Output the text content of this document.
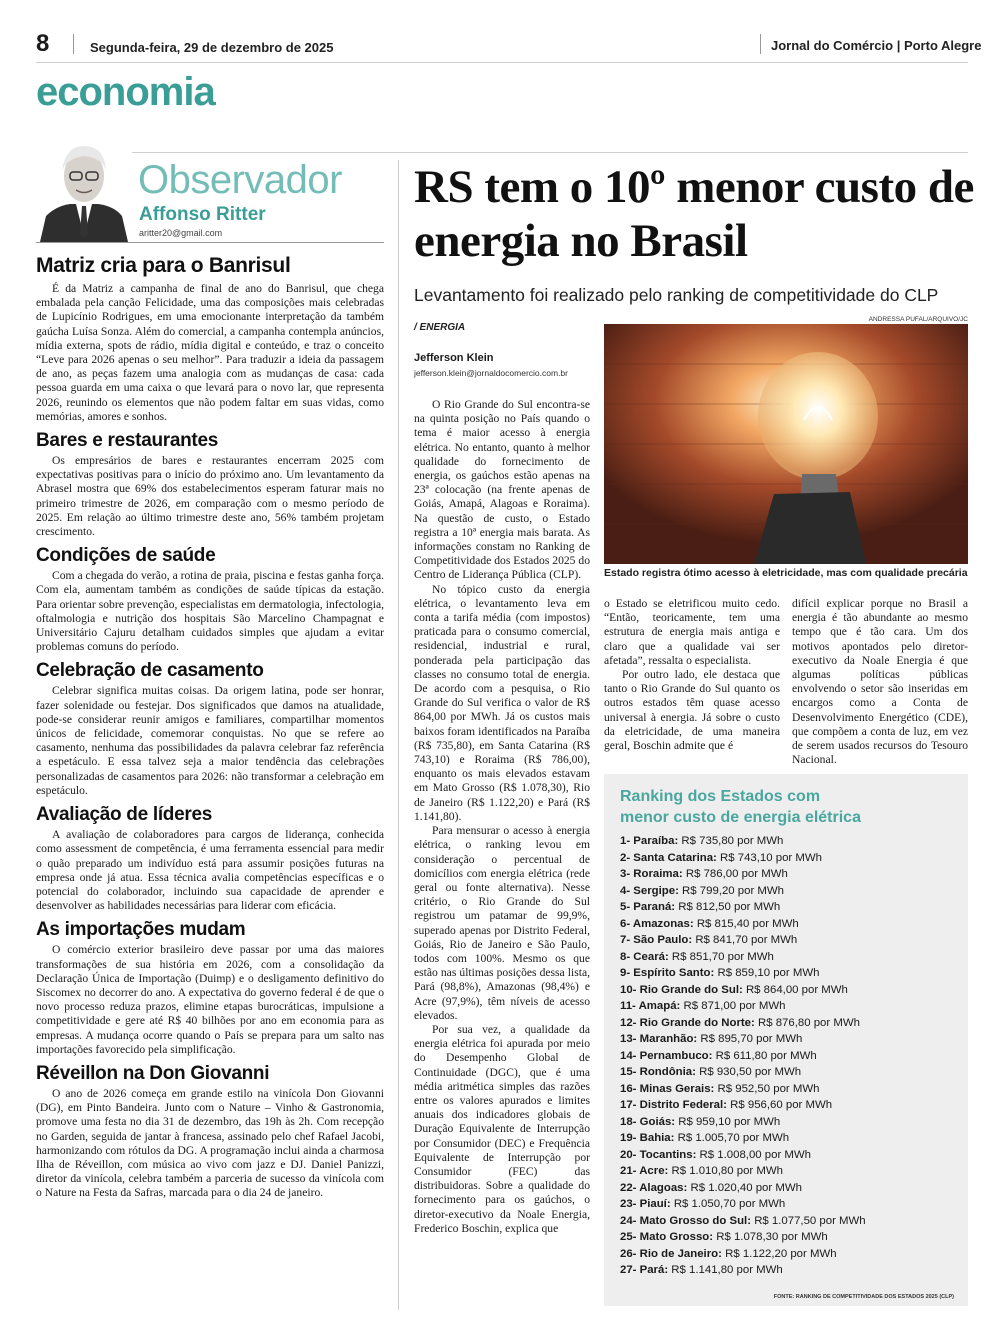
8	Segunda-feira, 29 de dezembro de 2025	Jornal do Comércio | Porto Alegre
economia
Observador
Affonso Ritter
aritter20@gmail.com
Matriz cria para o Banrisul

É da Matriz a campanha de final de ano do Banrisul, que chega embalada pela canção Felicidade, uma das composições mais celebradas de Lupicínio Rodrigues, em uma emocionante interpretação da também gaúcha Luísa Sonza. Além do comercial, a campanha contempla anúncios, mídia externa, spots de rádio, mídia digital e conteúdo, e traz o conceito “Leve para 2026 apenas o seu melhor”. Para traduzir a ideia da passagem de ano, as peças fazem uma analogia com as mudanças de casa: cada pessoa guarda em uma caixa o que levará para o novo lar, que representa 2026, reunindo os elementos que não podem faltar em suas vidas, como memórias, amores e sonhos.

Bares e restaurantes

Os empresários de bares e restaurantes encerram 2025 com expectativas positivas para o início do próximo ano. Um levantamento da Abrasel mostra que 69% dos estabelecimentos esperam faturar mais no primeiro trimestre de 2026, em comparação com o mesmo período de 2025. Em relação ao último trimestre deste ano, 56% também projetam crescimento.

Condições de saúde

Com a chegada do verão, a rotina de praia, piscina e festas ganha força. Com ela, aumentam também as condições de saúde típicas da estação. Para orientar sobre prevenção, especialistas em dermatologia, infectologia, oftalmologia e nutrição dos hospitais São Marcelino Champagnat e Universitário Cajuru detalham cuidados simples que ajudam a evitar problemas comuns do período.

Celebração de casamento

Celebrar significa muitas coisas. Da origem latina, pode ser honrar, fazer solenidade ou festejar. Dos significados que damos na atualidade, pode-se considerar reunir amigos e familiares, compartilhar momentos únicos de felicidade, comemorar conquistas. No que se refere ao casamento, nenhuma das possibilidades da palavra celebrar faz referência a espetáculo. E essa talvez seja a maior tendência das celebrações personalizadas de casamentos para 2026: não transformar a celebração em espetáculo.

Avaliação de líderes

A avaliação de colaboradores para cargos de liderança, conhecida como assessment de competência, é uma ferramenta essencial para medir o quão preparado um indivíduo está para assumir posições futuras na empresa onde já atua. Essa técnica avalia competências específicas e o potencial do colaborador, incluindo sua capacidade de aprender e desenvolver as habilidades necessárias para liderar com eficácia.

As importações mudam

O comércio exterior brasileiro deve passar por uma das maiores transformações de sua história em 2026, com a consolidação da Declaração Única de Importação (Duimp) e o desligamento definitivo do Siscomex no decorrer do ano. A expectativa do governo federal é de que o novo processo reduza prazos, elimine etapas burocráticas, impulsione a competitividade e gere até R$ 40 bilhões por ano em economia para as empresas. A mudança ocorre quando o País se prepara para um salto nas importações favorecido pela simplificação.

Réveillon na Don Giovanni

O ano de 2026 começa em grande estilo na vinícola Don Giovanni (DG), em Pinto Bandeira. Junto com o Nature – Vinho & Gastronomia, promove uma festa no dia 31 de dezembro, das 19h às 2h. Com recepção no Garden, seguida de jantar à francesa, assinado pelo chef Rafael Jacobi, harmonizando com rótulos da DG. A programação inclui ainda a charmosa Ilha de Réveillon, com música ao vivo com jazz e DJ. Daniel Panizzi, diretor da vinícola, celebra também a parceria de sucesso da vinícola com o Nature na Festa da Safras, marcada para o dia 24 de janeiro.

RS tem o 10º menor custo de energia no Brasil
Levantamento foi realizado pelo ranking de competitividade do CLP
/ ENERGIA
Jefferson Klein
jefferson.klein@jornaldocomercio.com.br
ANDRESSA PUFAL/ARQUIVO/JC
Estado registra ótimo acesso à eletricidade, mas com qualidade precária

O Rio Grande do Sul encontra-se na quinta posição no País quando o tema é maior acesso à energia elétrica. No entanto, quanto à melhor qualidade do fornecimento de energia, os gaúchos estão apenas na 23ª colocação (na frente apenas de Goiás, Amapá, Alagoas e Roraima). Na questão de custo, o Estado registra a 10ª energia mais barata. As informações constam no Ranking de Competitividade dos Estados 2025 do Centro de Liderança Pública (CLP).

No tópico custo da energia elétrica, o levantamento leva em conta a tarifa média (com impostos) praticada para o consumo comercial, residencial, industrial e rural, ponderada pela participação das classes no consumo total de energia. De acordo com a pesquisa, o Rio Grande do Sul verifica o valor de R$ 864,00 por MWh. Já os custos mais baixos foram identificados na Paraíba (R$ 735,80), em Santa Catarina (R$ 743,10) e Roraima (R$ 786,00), enquanto os mais elevados estavam em Mato Grosso (R$ 1.078,30), Rio de Janeiro (R$ 1.122,20) e Pará (R$ 1.141,80).

Para mensurar o acesso à energia elétrica, o ranking levou em consideração o percentual de domicílios com energia elétrica (rede geral ou fonte alternativa). Nesse critério, o Rio Grande do Sul registrou um patamar de 99,9%, superado apenas por Distrito Federal, Goiás, Rio de Janeiro e São Paulo, todos com 100%. Mesmo os que estão nas últimas posições dessa lista, Pará (98,8%), Amazonas (98,4%) e Acre (97,9%), têm níveis de acesso elevados.

Por sua vez, a qualidade da energia elétrica foi apurada por meio do Desempenho Global de Continuidade (DGC), que é uma média aritmética simples das razões entre os valores apurados e limites anuais dos indicadores globais de Duração Equivalente de Interrupção por Consumidor (DEC) e Frequência Equivalente de Interrupção por Consumidor (FEC) das distribuidoras. Sobre a qualidade do fornecimento para os gaúchos, o diretor-executivo da Noale Energia, Frederico Boschin, explica que

o Estado se eletrificou muito cedo. “Então, teoricamente, tem uma estrutura de energia mais antiga e claro que a qualidade vai ser afetada”, ressalta o especialista.

Por outro lado, ele destaca que tanto o Rio Grande do Sul quanto os outros estados têm quase acesso universal à energia. Já sobre o custo da eletricidade, de uma maneira geral, Boschin admite que é

difícil explicar porque no Brasil a energia é tão abundante ao mesmo tempo que é tão cara. Um dos motivos apontados pelo diretor-executivo da Noale Energia é que algumas políticas públicas envolvendo o setor são inseridas em encargos como a Conta de Desenvolvimento Energético (CDE), que compõem a conta de luz, em vez de serem usados recursos do Tesouro Nacional.

Ranking dos Estados com
menor custo de energia elétrica
1- Paraíba: R$ 735,80 por MWh
2- Santa Catarina: R$ 743,10 por MWh
3- Roraima: R$ 786,00 por MWh
4- Sergipe: R$ 799,20 por MWh
5- Paraná: R$ 812,50 por MWh
6- Amazonas: R$ 815,40 por MWh
7- São Paulo: R$ 841,70 por MWh
8- Ceará: R$ 851,70 por MWh
9- Espírito Santo: R$ 859,10 por MWh
10- Rio Grande do Sul: R$ 864,00 por MWh
11- Amapá: R$ 871,00 por MWh
12- Rio Grande do Norte: R$ 876,80 por MWh
13- Maranhão: R$ 895,70 por MWh
14- Pernambuco: R$ 611,80 por MWh
15- Rondônia: R$ 930,50 por MWh
16- Minas Gerais: R$ 952,50 por MWh
17- Distrito Federal: R$ 956,60 por MWh
18- Goiás: R$ 959,10 por MWh
19- Bahia: R$ 1.005,70 por MWh
20- Tocantins: R$ 1.008,00 por MWh
21- Acre: R$ 1.010,80 por MWh
22- Alagoas: R$ 1.020,40 por MWh
23- Piauí: R$ 1.050,70 por MWh
24- Mato Grosso do Sul: R$ 1.077,50 por MWh
25- Mato Grosso: R$ 1.078,30 por MWh
26- Rio de Janeiro: R$ 1.122,20 por MWh
27- Pará: R$ 1.141,80 por MWh
FONTE: RANKING DE COMPETITIVIDADE DOS ESTADOS 2025 (CLP)
